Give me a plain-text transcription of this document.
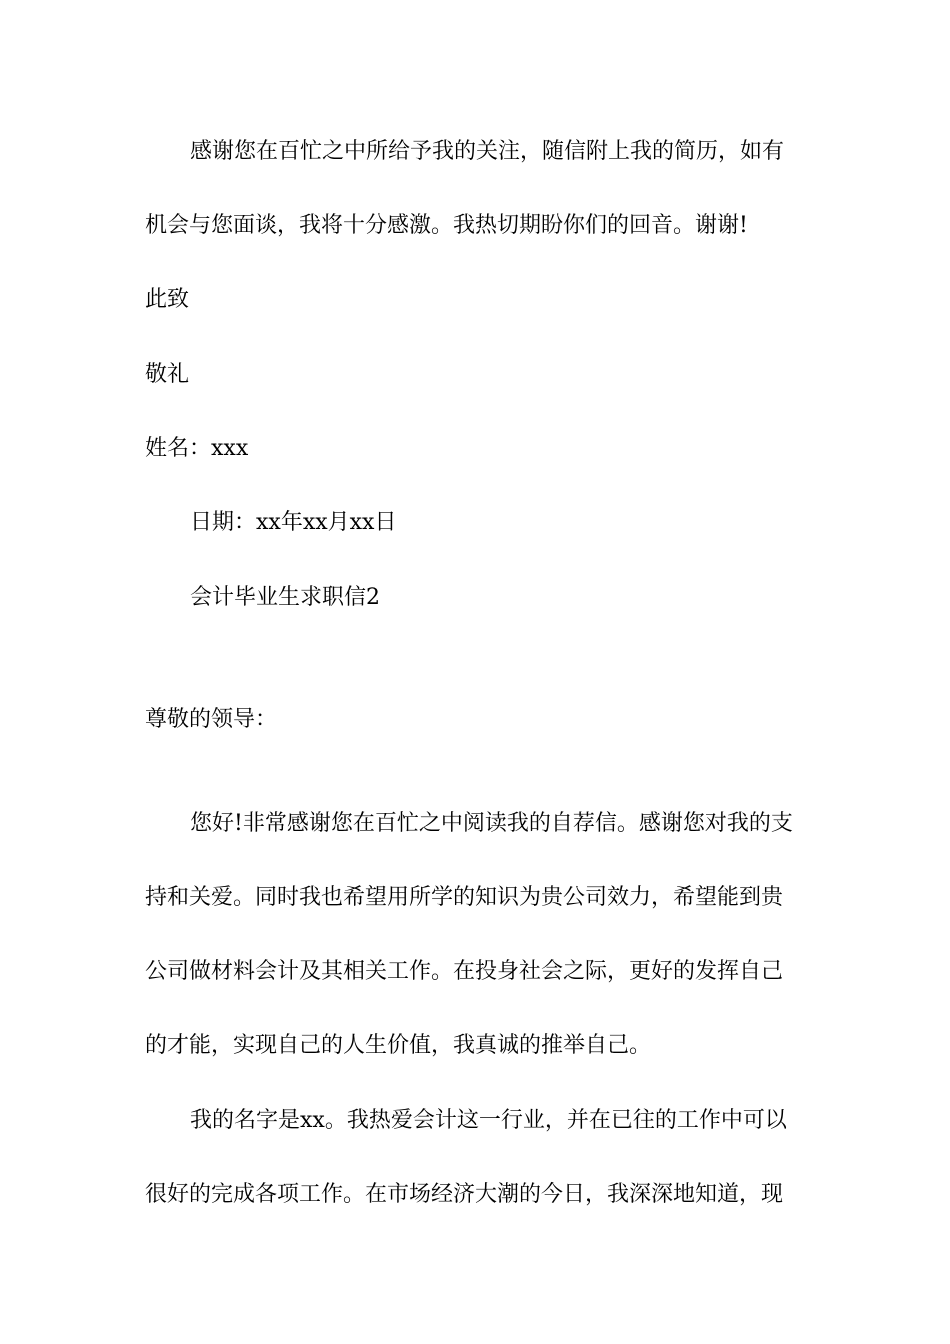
感谢您在百忙之中所给予我的关注，随信附上我的简历，如有
机会与您面谈，我将十分感激。我热切期盼你们的回音。谢谢!
此致
敬礼
姓名：xxx
日期：xx年xx月xx日
会计毕业生求职信2
尊敬的领导：
您好!非常感谢您在百忙之中阅读我的自荐信。感谢您对我的支
持和关爱。同时我也希望用所学的知识为贵公司效力，希望能到贵
公司做材料会计及其相关工作。在投身社会之际，更好的发挥自己
的才能，实现自己的人生价值，我真诚的推举自己。
我的名字是xx。我热爱会计这一行业，并在已往的工作中可以
很好的完成各项工作。在市场经济大潮的今日，我深深地知道，现
